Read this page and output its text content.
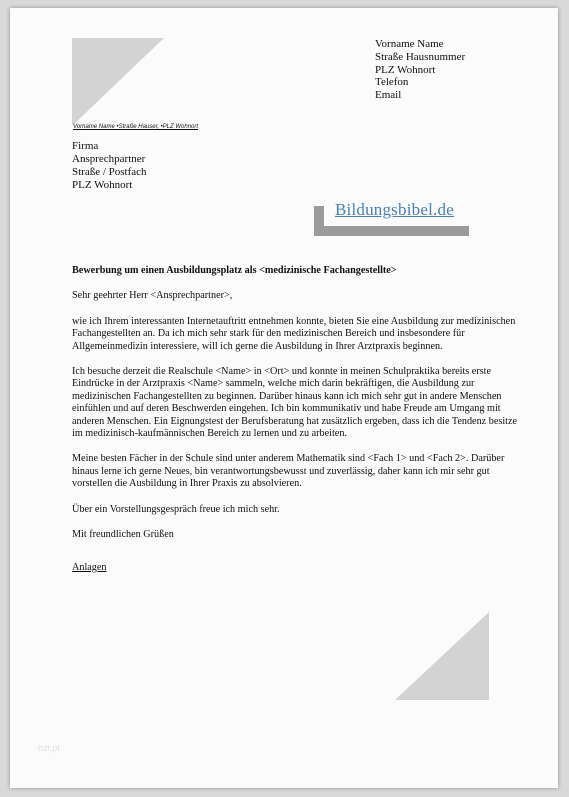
Vorname Name
Straße Hausnummer
PLZ Wohnort
Telefon
Email
Vorname Name •Straße Hauser, •PLZ Wohnort
Firma
Ansprechpartner
Straße / Postfach
PLZ Wohnort
Bildungsbibel.de

Bewerbung um einen Ausbildungsplatz als <medizinische Fachangestellte>

Sehr geehrter Herr <Ansprechpartner>,

wie ich Ihrem interessanten Internetauftritt entnehmen konnte, bieten Sie eine Ausbildung zur medizinischen Fachangestellten an. Da ich mich sehr stark für den medizinischen Bereich und insbesondere für Allgemeinmedizin interessiere, will ich gerne die Ausbildung in Ihrer Arztpraxis beginnen.

Ich besuche derzeit die Realschule <Name> in <Ort> und konnte in meinen Schulpraktika bereits erste Eindrücke in der Arztpraxis <Name> sammeln, welche mich darin bekräftigen, die Ausbildung zur medizinischen Fachangestellten zu beginnen. Darüber hinaus kann ich mich sehr gut in andere Menschen einfühlen und auf deren Beschwerden eingehen. Ich bin kommunikativ und habe Freude am Umgang mit anderen Menschen. Ein Eignungstest der Berufsberatung hat zusätzlich ergeben, dass ich die Tendenz besitze im medizinisch-kaufmännischen Bereich zu lernen und zu arbeiten.

Meine besten Fächer in der Schule sind unter anderem Mathematik sind <Fach 1> und <Fach 2>. Darüber hinaus lerne ich gerne Neues, bin verantwortungsbewusst und zuverlässig, daher kann ich mir sehr gut vorstellen die Ausbildung in Ihrer Praxis zu absolvieren.

Über ein Vorstellungsgespräch freue ich mich sehr.

Mit freundlichen Grüßen

Anlagen

bzt.pt
